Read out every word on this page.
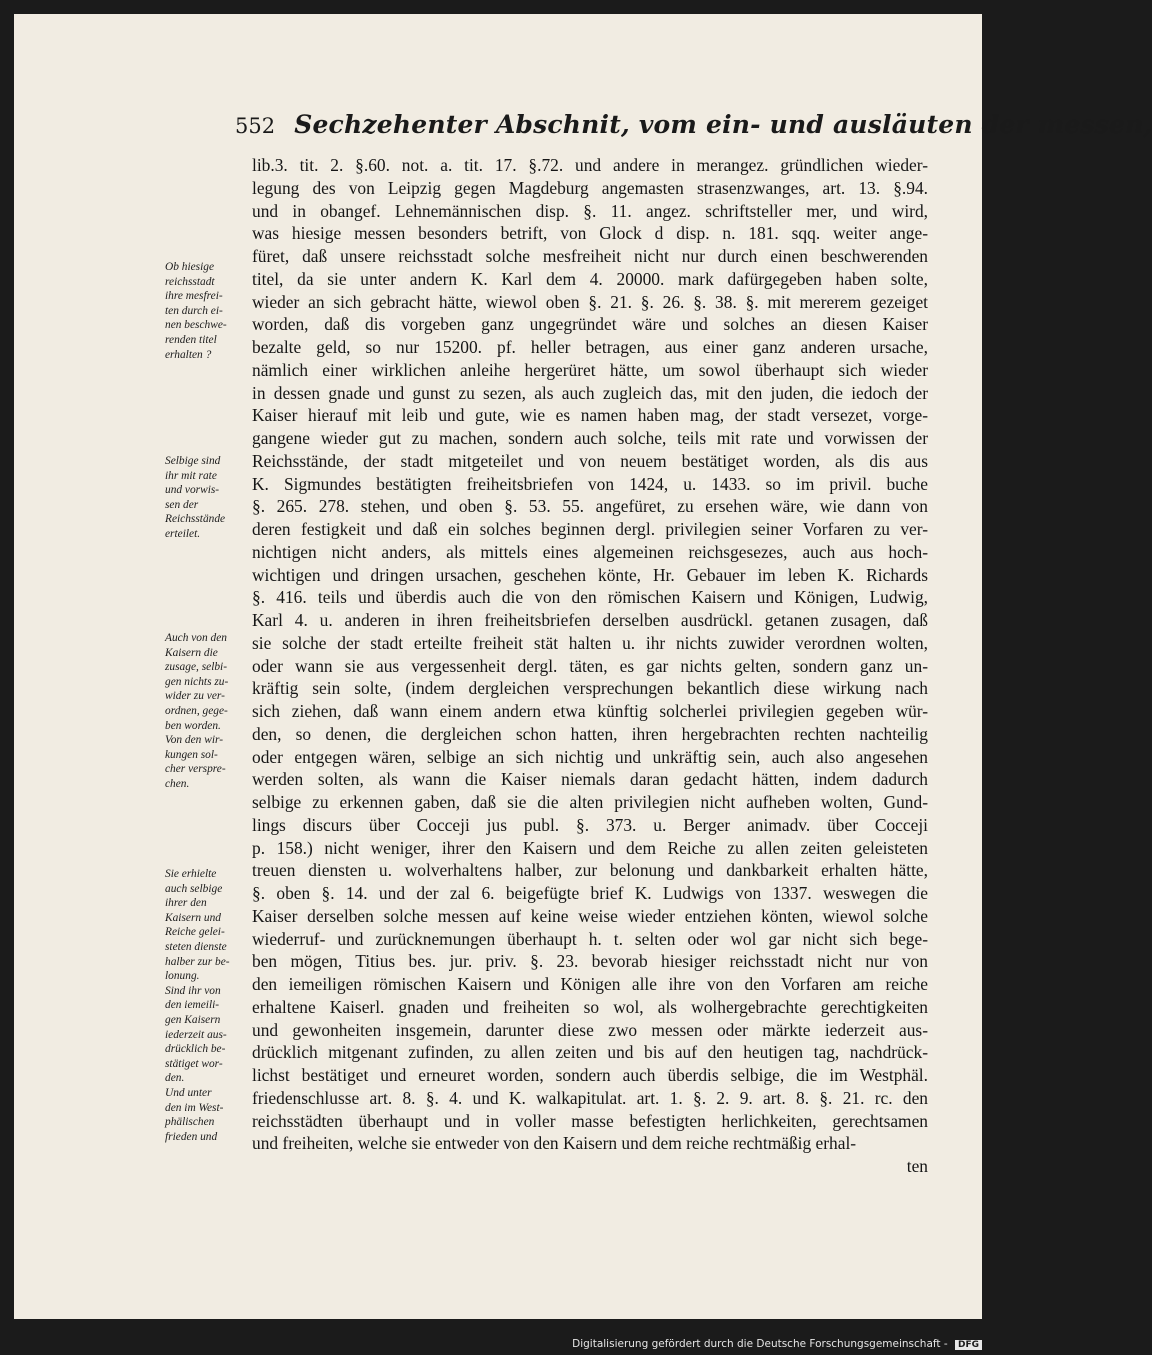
552 Sechzehenter Abschnit, vom ein- und ausläuten der messen,
lib.3. tit. 2. §.60. not. a. tit. 17. §.72. und andere in merangez. gründlichen wieder-
legung des von Leipzig gegen Magdeburg angemasten strasenzwanges, art. 13. §.94.
und in obangef. Lehnemännischen disp. §. 11. angez. schriftsteller mer, und wird,
was hiesige messen besonders betrift, von Glock d disp. n. 181. sqq. weiter ange-
füret, daß unsere reichsstadt solche mesfreiheit nicht nur durch einen beschwerenden
titel, da sie unter andern K. Karl dem 4. 20000. mark dafürgegeben haben solte,
wieder an sich gebracht hätte, wiewol oben §. 21. §. 26. §. 38. §. mit mererem gezeiget
worden, daß dis vorgeben ganz ungegründet wäre und solches an diesen Kaiser
bezalte geld, so nur 15200. pf. heller betragen, aus einer ganz anderen ursache,
nämlich einer wirklichen anleihe hergerüret hätte, um sowol überhaupt sich wieder
in dessen gnade und gunst zu sezen, als auch zugleich das, mit den juden, die iedoch der
Kaiser hierauf mit leib und gute, wie es namen haben mag, der stadt versezet, vorge-
gangene wieder gut zu machen, sondern auch solche, teils mit rate und vorwissen der
Reichsstände, der stadt mitgeteilet und von neuem bestätiget worden, als dis aus
K. Sigmundes bestätigten freiheitsbriefen von 1424, u. 1433. so im privil. buche
§. 265. 278. stehen, und oben §. 53. 55. angefüret, zu ersehen wäre, wie dann von
deren festigkeit und daß ein solches beginnen dergl. privilegien seiner Vorfaren zu ver-
nichtigen nicht anders, als mittels eines algemeinen reichsgesezes, auch aus hoch-
wichtigen und dringen ursachen, geschehen könte, Hr. Gebauer im leben K. Richards
§. 416. teils und überdis auch die von den römischen Kaisern und Königen, Ludwig,
Karl 4. u. anderen in ihren freiheitsbriefen derselben ausdrückl. getanen zusagen, daß
sie solche der stadt erteilte freiheit stät halten u. ihr nichts zuwider verordnen wolten,
oder wann sie aus vergessenheit dergl. täten, es gar nichts gelten, sondern ganz un-
kräftig sein solte, (indem dergleichen versprechungen bekantlich diese wirkung nach
sich ziehen, daß wann einem andern etwa künftig solcherlei privilegien gegeben wür-
den, so denen, die dergleichen schon hatten, ihren hergebrachten rechten nachteilig
oder entgegen wären, selbige an sich nichtig und unkräftig sein, auch also angesehen
werden solten, als wann die Kaiser niemals daran gedacht hätten, indem dadurch
selbige zu erkennen gaben, daß sie die alten privilegien nicht aufheben wolten, Gund-
lings discurs über Cocceji jus publ. §. 373. u. Berger animadv. über Cocceji
p. 158.) nicht weniger, ihrer den Kaisern und dem Reiche zu allen zeiten geleisteten
treuen diensten u. wolverhaltens halber, zur belonung und dankbarkeit erhalten hätte,
§. oben §. 14. und der zal 6. beigefügte brief K. Ludwigs von 1337. weswegen die
Kaiser derselben solche messen auf keine weise wieder entziehen könten, wiewol solche
wiederruf- und zurücknemungen überhaupt h. t. selten oder wol gar nicht sich bege-
ben mögen, Titius bes. jur. priv. §. 23. bevorab hiesiger reichsstadt nicht nur von
den iemeiligen römischen Kaisern und Königen alle ihre von den Vorfaren am reiche
erhaltene Kaiserl. gnaden und freiheiten so wol, als wolhergebrachte gerechtigkeiten
und gewonheiten insgemein, darunter diese zwo messen oder märkte iederzeit aus-
drücklich mitgenant zufinden, zu allen zeiten und bis auf den heutigen tag, nachdrück-
lichst bestätiget und erneuret worden, sondern auch überdis selbige, die im Westphäl.
friedenschlusse art. 8. §. 4. und K. walkapitulat. art. 1. §. 2. 9. art. 8. §. 21. rc. den
reichsstädten überhaupt und in voller masse befestigten herlichkeiten, gerechtsamen
und freiheiten, welche sie entweder von den Kaisern und dem reiche rechtmäßig erhal-
ten
Ob hiesige
reichsstadt
ihre mesfrei-
ten durch ei-
nen beschwe-
renden titel
erhalten ?
Selbige sind
ihr mit rate
und vorwis-
sen der
Reichsstände
erteilet.
Auch von den
Kaisern die
zusage, selbi-
gen nichts zu-
wider zu ver-
ordnen, gege-
ben worden.
Von den wir-
kungen sol-
cher verspre-
chen.
Sie erhielte
auch selbige
ihrer den
Kaisern und
Reiche gelei-
steten dienste
halber zur be-
lonung.
Sind ihr von
den iemeili-
gen Kaisern
iederzeit aus-
drücklich be-
stätiget wor-
den.
Und unter
den im West-
phälischen
frieden und
Digitalisierung gefördert durch die Deutsche Forschungsgemeinschaft - DFG
